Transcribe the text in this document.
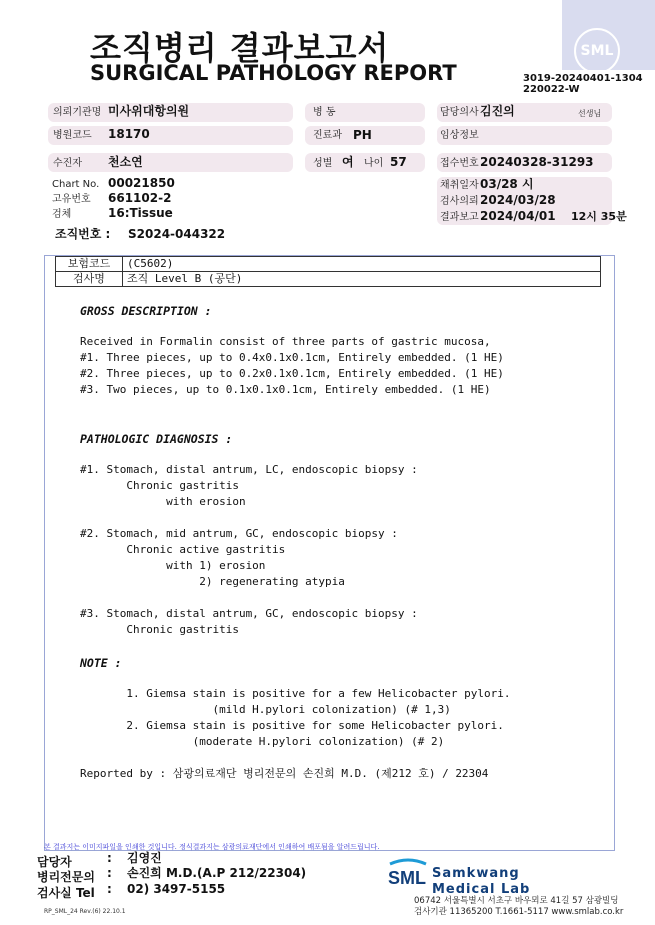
SML
조직병리 결과보고서
SURGICAL PATHOLOGY REPORT	3019-20240401-1304
220022-W
의뢰기관명 미사위대항의원	병 동	담당의사 김진의	선생님
병원코드 18170	진료과 PH	임상정보
수진자 천소연	성별 여 나이 57	접수번호 20240328-31293
Chart No. 00021850
고유번호 661102-2
검체	16:Tissue
조직번호 : S2024-044322
채취일자 03/28 시
검사의뢰 2024/03/28
결과보고 2024/04/01 12시 35분
보험코드	(C5602)
검사명	조직 Level B (공단)
GROSS DESCRIPTION :
Received in Formalin consist of three parts of gastric mucosa,
#1. Three pieces, up to 0.4x0.1x0.1cm, Entirely embedded. (1 HE)
#2. Three pieces, up to 0.2x0.1x0.1cm, Entirely embedded. (1 HE)
#3. Two pieces, up to 0.1x0.1x0.1cm, Entirely embedded. (1 HE)
PATHOLOGIC DIAGNOSIS :
#1. Stomach, distal antrum, LC, endoscopic biopsy :
Chronic gastritis
with erosion
#2. Stomach, mid antrum, GC, endoscopic biopsy :
Chronic active gastritis
with 1) erosion
2) regenerating atypia
#3. Stomach, distal antrum, GC, endoscopic biopsy :
Chronic gastritis
NOTE :
1. Giemsa stain is positive for a few Helicobacter pylori.
(mild H.pylori colonization) (# 1,3)
2. Giemsa stain is positive for some Helicobacter pylori.
(moderate H.pylori colonization) (# 2)
Reported by : 삼광의료재단 병리전문의 손진희 M.D. (제212 호) / 22304
본 결과지는 이미지파일을 인쇄한 것입니다. 정식결과지는 삼광의료재단에서 인쇄하여 배포됨을 알려드립니다.
담당자	: 김영진
병리전문의 : 손진희 M.D.(A.P 212/22304)
검사실 Tel : 02) 3497-5155
RP_SML_24 Rev.(6) 22.10.1
SML Samkwang
Medical Lab
06742 서울특별시 서초구 바우뫼로 41길 57 삼광빌딩
검사기관 11365200 T.1661-5117 www.smlab.co.kr
